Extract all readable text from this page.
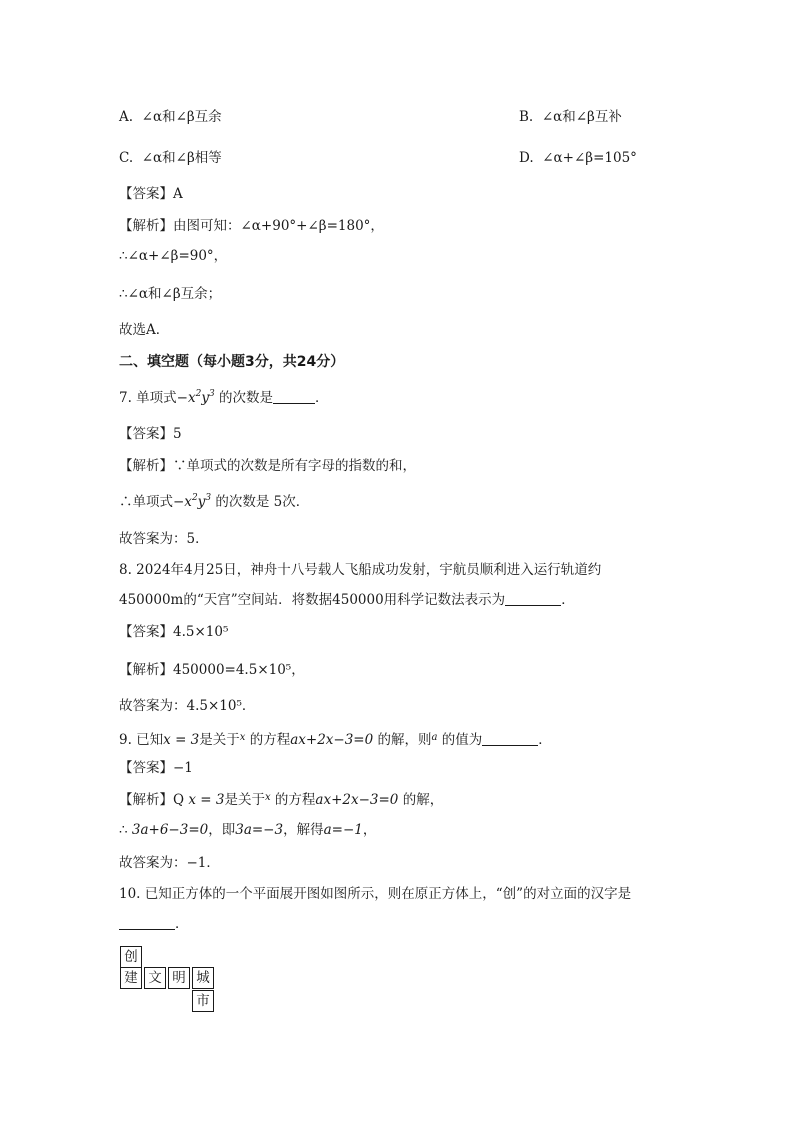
A. ∠α和∠β互余	B. ∠α和∠β互补
C. ∠α和∠β相等	D. ∠α+∠β=105°
【答案】A
【解析】由图可知：∠α+90°+∠β=180°，
∴∠α+∠β=90°，
∴∠α和∠β互余；
故选A．
二、填空题（每小题3分，共24分）
7. 单项式$-x^2y^3$ 的次数是	．
【答案】5
【解析】∵单项式的次数是所有字母的指数的和，
∴单项式$-x^2y^3$ 的次数是 5次．
故答案为：5．
8. 2024年4月25日，神舟十八号载人飞船成功发射，宇航员顺利进入运行轨道约
450000m的“天宫”空间站．将数据450000用科学记数法表示为	．
【答案】4.5×10⁵
【解析】450000=4.5×10⁵，
故答案为：4.5×10⁵．
9. 已知x = 3是关于$^x$ 的方程ax+2x−3=0 的解，则$^a$ 的值为	．
【答案】−1
【解析】Q x = 3是关于$^x$ 的方程ax+2x−3=0 的解，
∴ 3a+6−3=0，即3a=−3，解得a=−1，
故答案为：−1．
10. 已知正方体的一个平面展开图如图所示，则在原正方体上，“创”的对立面的汉字是
．
创
建 文 明 城
市
